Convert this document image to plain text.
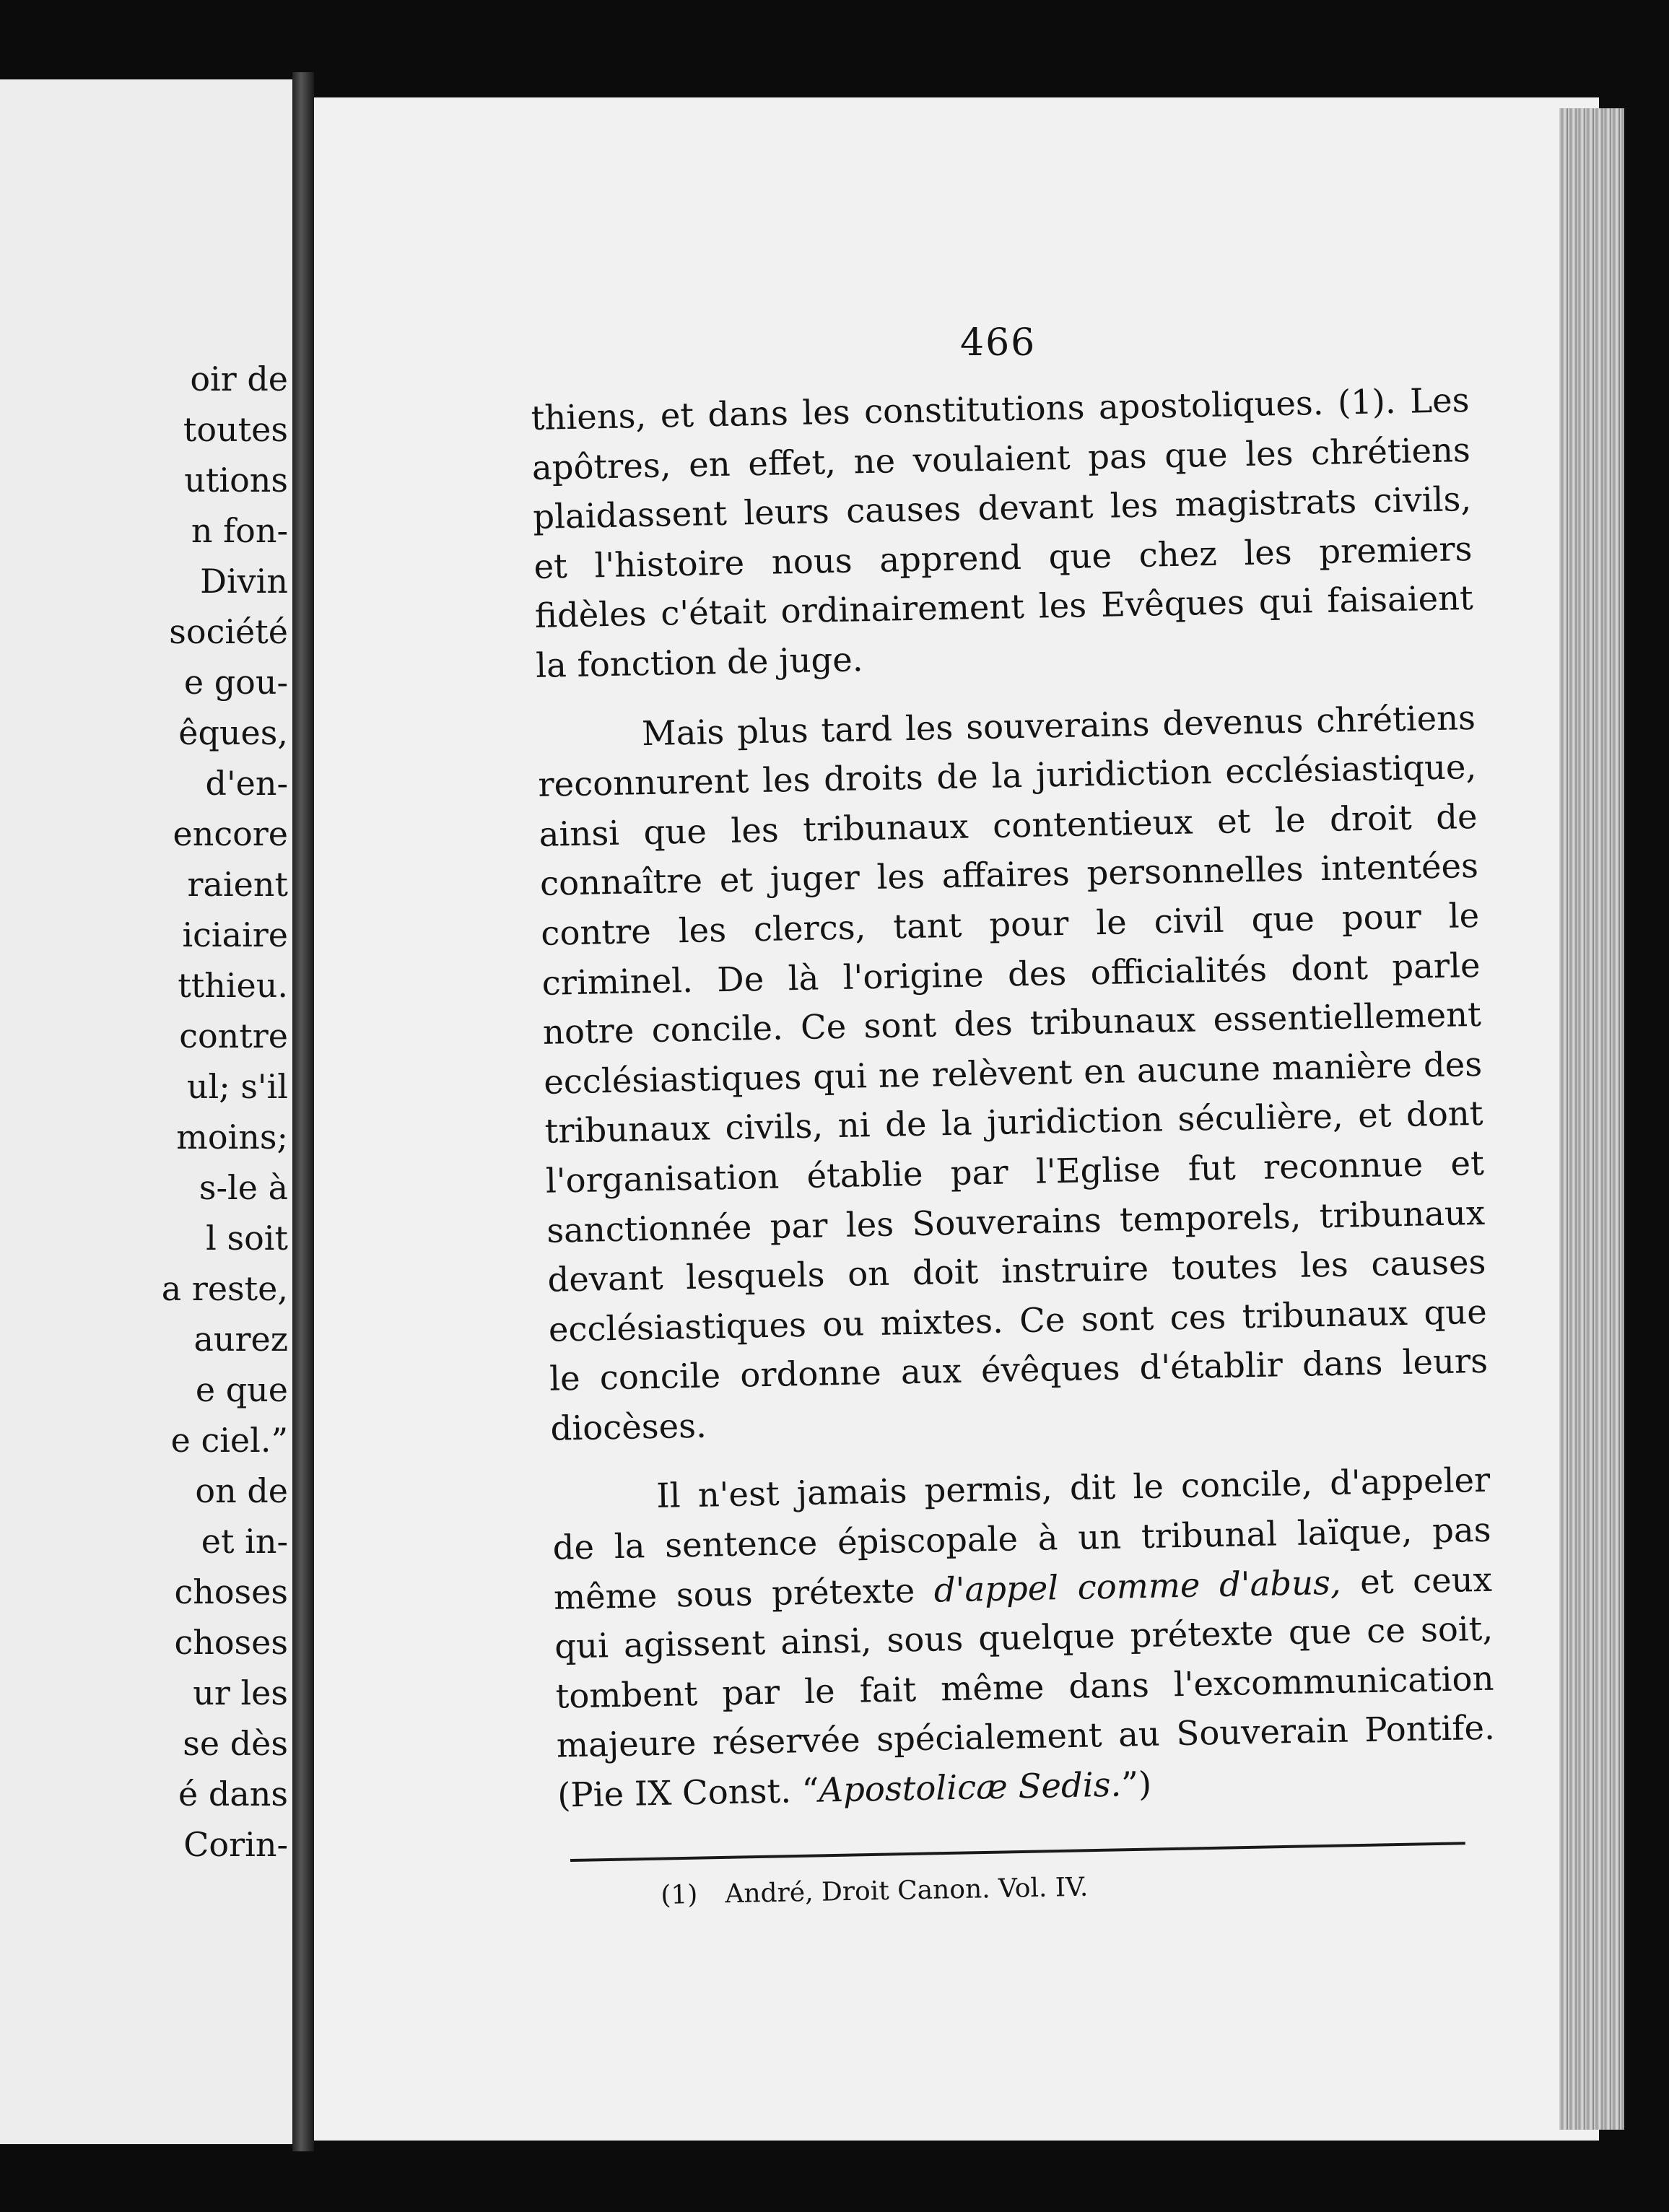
oir de
toutes
utions
n fon-
Divin
société
e gou-
êques,
d'en-
encore
raient
iciaire
tthieu.
contre
ul; s'il
moins;
s-le à
l soit
a reste,
aurez
e que
e ciel.”
on de
et in-
choses
choses
ur les
se dès
é dans
Corin-
466

thiens, et dans les constitutions apostoliques. (1). Les apôtres, en effet, ne voulaient pas que les chrétiens plaidassent leurs causes devant les magistrats civils, et l'histoire nous apprend que chez les premiers fidèles c'était ordinairement les Evêques qui faisaient la fonction de juge.

Mais plus tard les souverains devenus chrétiens reconnurent les droits de la juridiction ecclésiastique, ainsi que les tribunaux contentieux et le droit de connaître et juger les affaires personnelles intentées contre les clercs, tant pour le civil que pour le criminel. De là l'origine des officialités dont parle notre concile. Ce sont des tribunaux essentiellement ecclésiastiques qui ne relèvent en aucune manière des tribunaux civils, ni de la juridiction séculière, et dont l'organisation établie par l'Eglise fut reconnue et sanctionnée par les Souverains temporels, tribunaux devant lesquels on doit instruire toutes les causes ecclésiastiques ou mixtes. Ce sont ces tribunaux que le concile ordonne aux évêques d'établir dans leurs diocèses.

Il n'est jamais permis, dit le concile, d'appeler de la sentence épiscopale à un tribunal laïque, pas même sous prétexte d'appel comme d'abus, et ceux qui agissent ainsi, sous quelque prétexte que ce soit, tombent par le fait même dans l'excommunication majeure réservée spécialement au Souverain Pontife. (Pie IX Const. “Apostolicæ Sedis.”)

(1) André, Droit Canon. Vol. IV.
